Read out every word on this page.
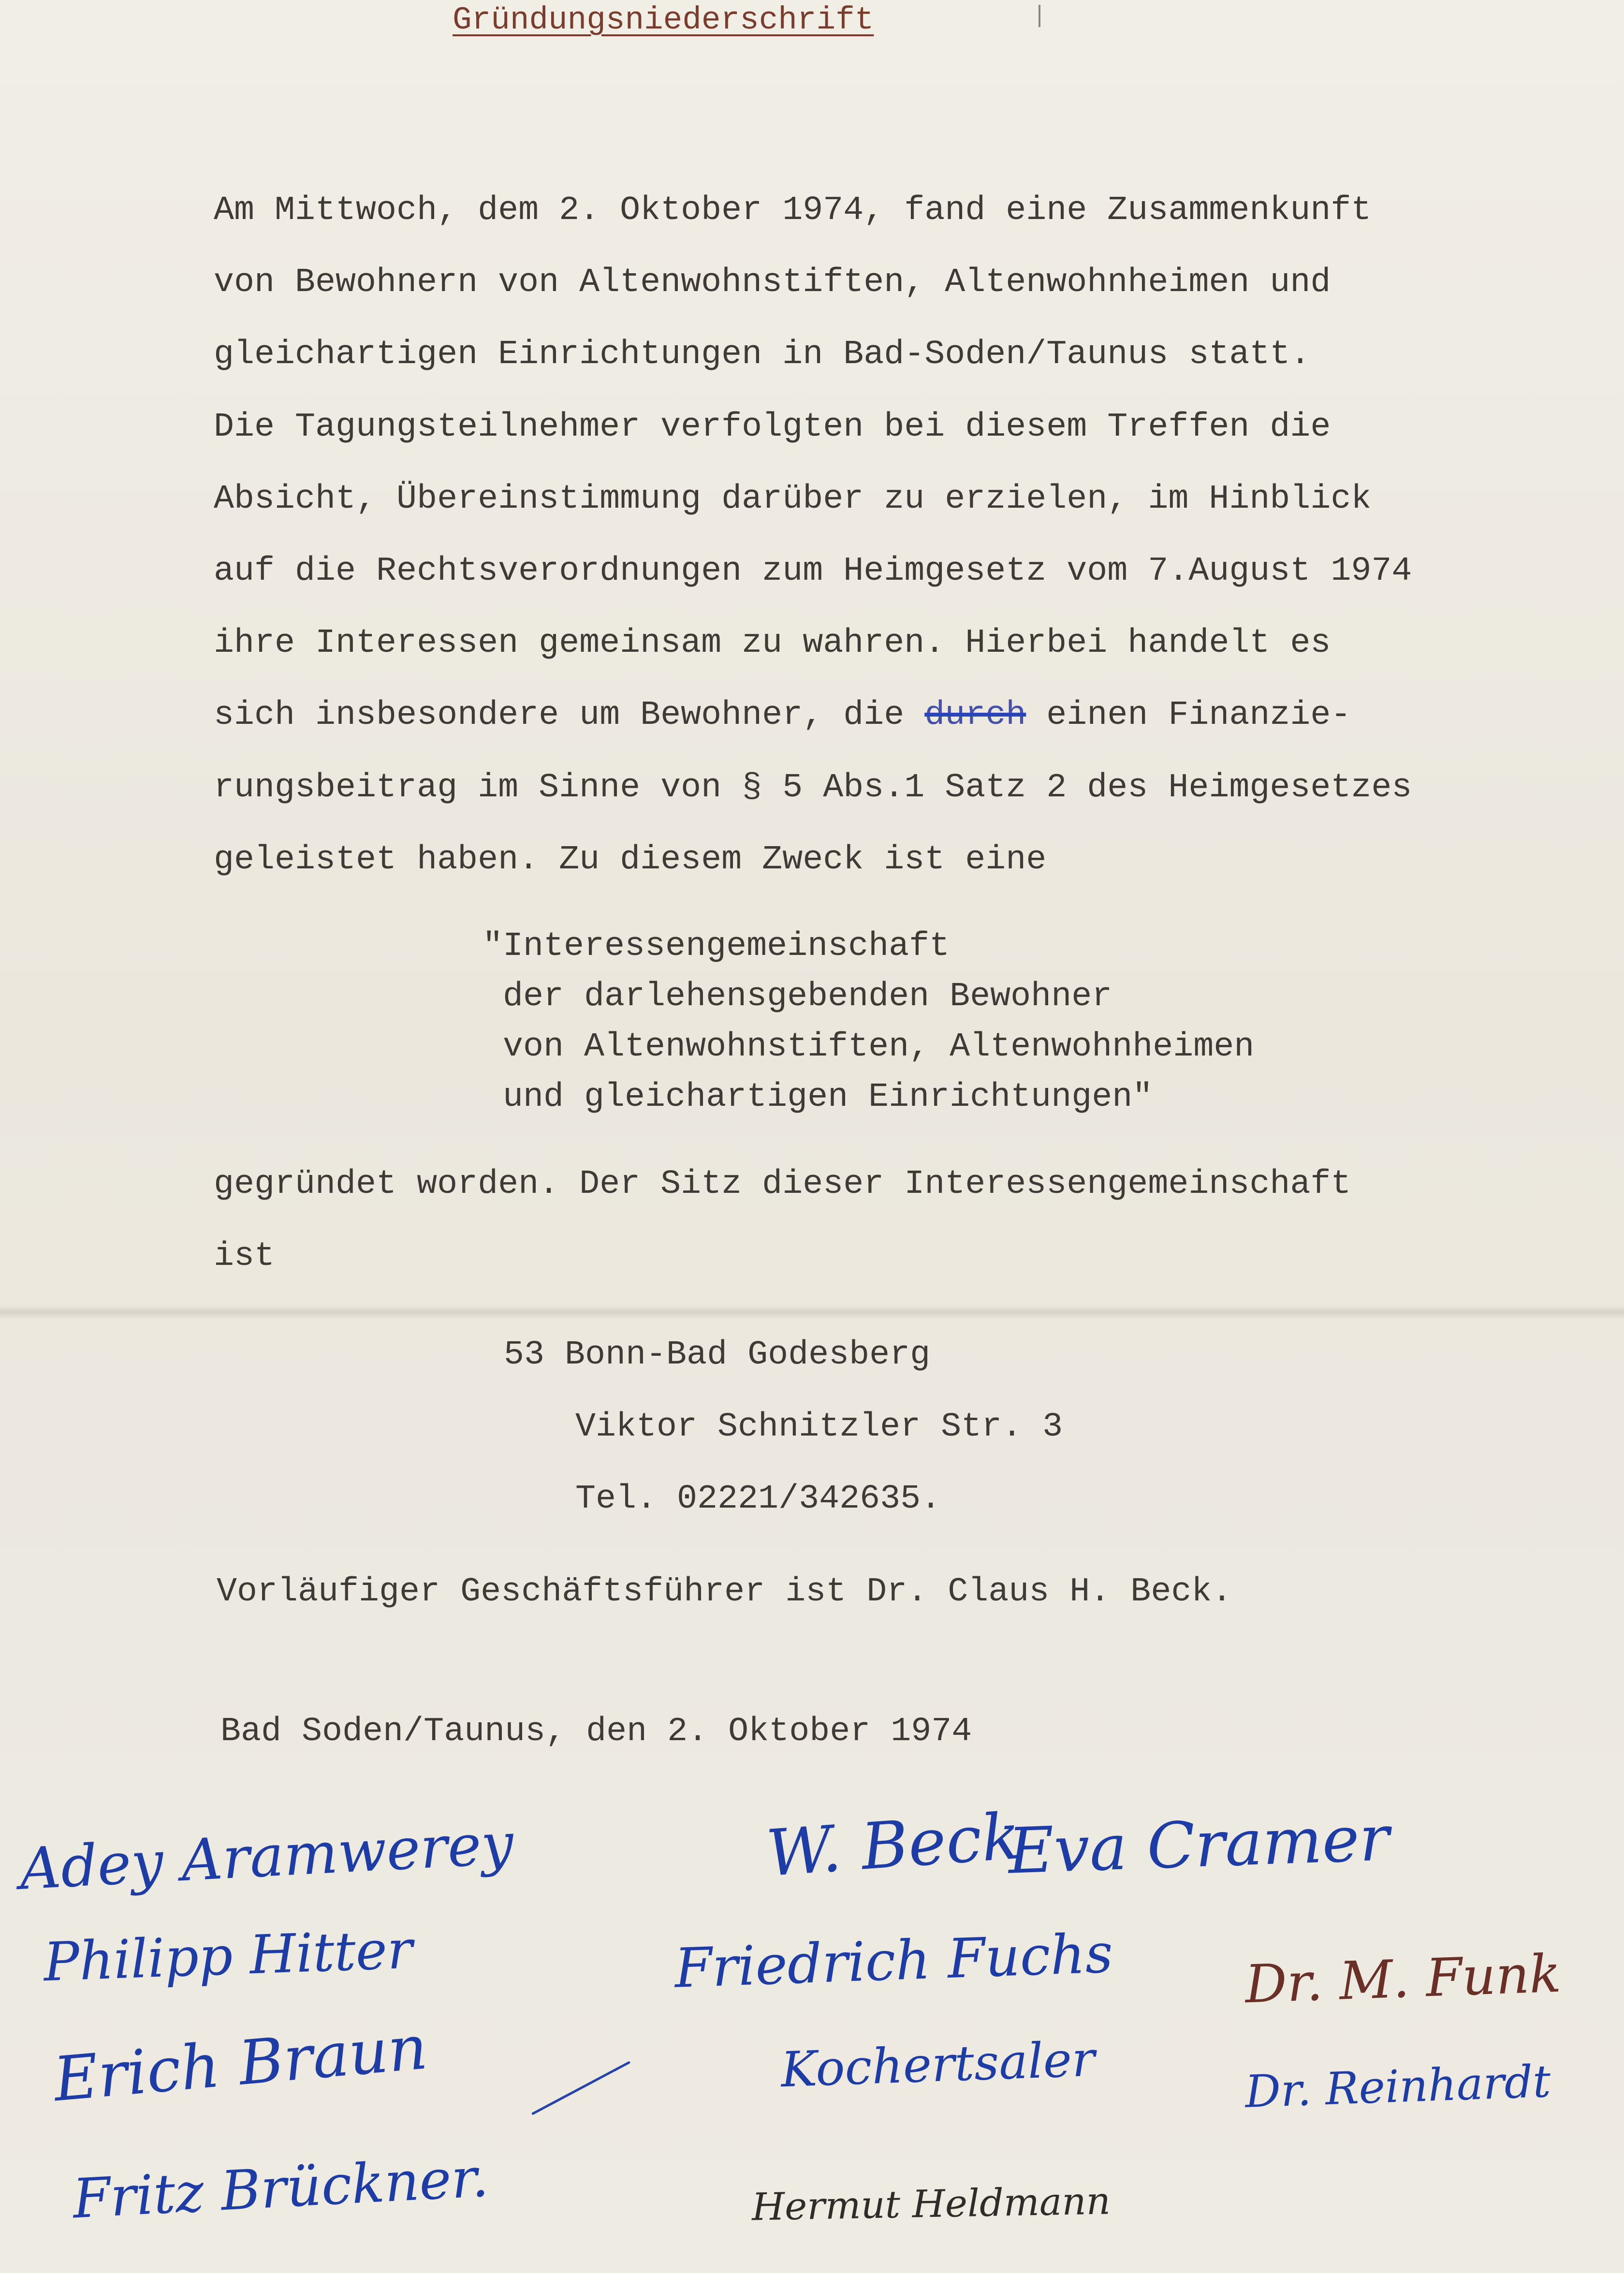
Gründungsniederschrift
Am Mittwoch, dem 2. Oktober 1974, fand eine Zusammenkunft
von Bewohnern von Altenwohnstiften, Altenwohnheimen und
gleichartigen Einrichtungen in Bad-Soden/Taunus statt.
Die Tagungsteilnehmer verfolgten bei diesem Treffen die
Absicht, Übereinstimmung darüber zu erzielen, im Hinblick
auf die Rechtsverordnungen zum Heimgesetz vom 7.August 1974
ihre Interessen gemeinsam zu wahren. Hierbei handelt es
sich insbesondere um Bewohner, die durch einen Finanzie-
rungsbeitrag im Sinne von § 5 Abs.1 Satz 2 des Heimgesetzes
geleistet haben. Zu diesem Zweck ist eine
"Interessengemeinschaft
der darlehensgebenden Bewohner
von Altenwohnstiften, Altenwohnheimen
und gleichartigen Einrichtungen"
gegründet worden. Der Sitz dieser Interessengemeinschaft
ist
53 Bonn-Bad Godesberg
Viktor Schnitzler Str. 3
Tel. 02221/342635.
Vorläufiger Geschäftsführer ist Dr. Claus H. Beck.
Bad Soden/Taunus, den 2. Oktober 1974
Adey Aramwerey
Philipp Hitter
Erich Braun
Fritz Brückner.
W. Beck
Eva Cramer
Friedrich Fuchs Dr. M. Funk
Kochertsaler	Dr. Reinhardt
Hermut Heldmann
